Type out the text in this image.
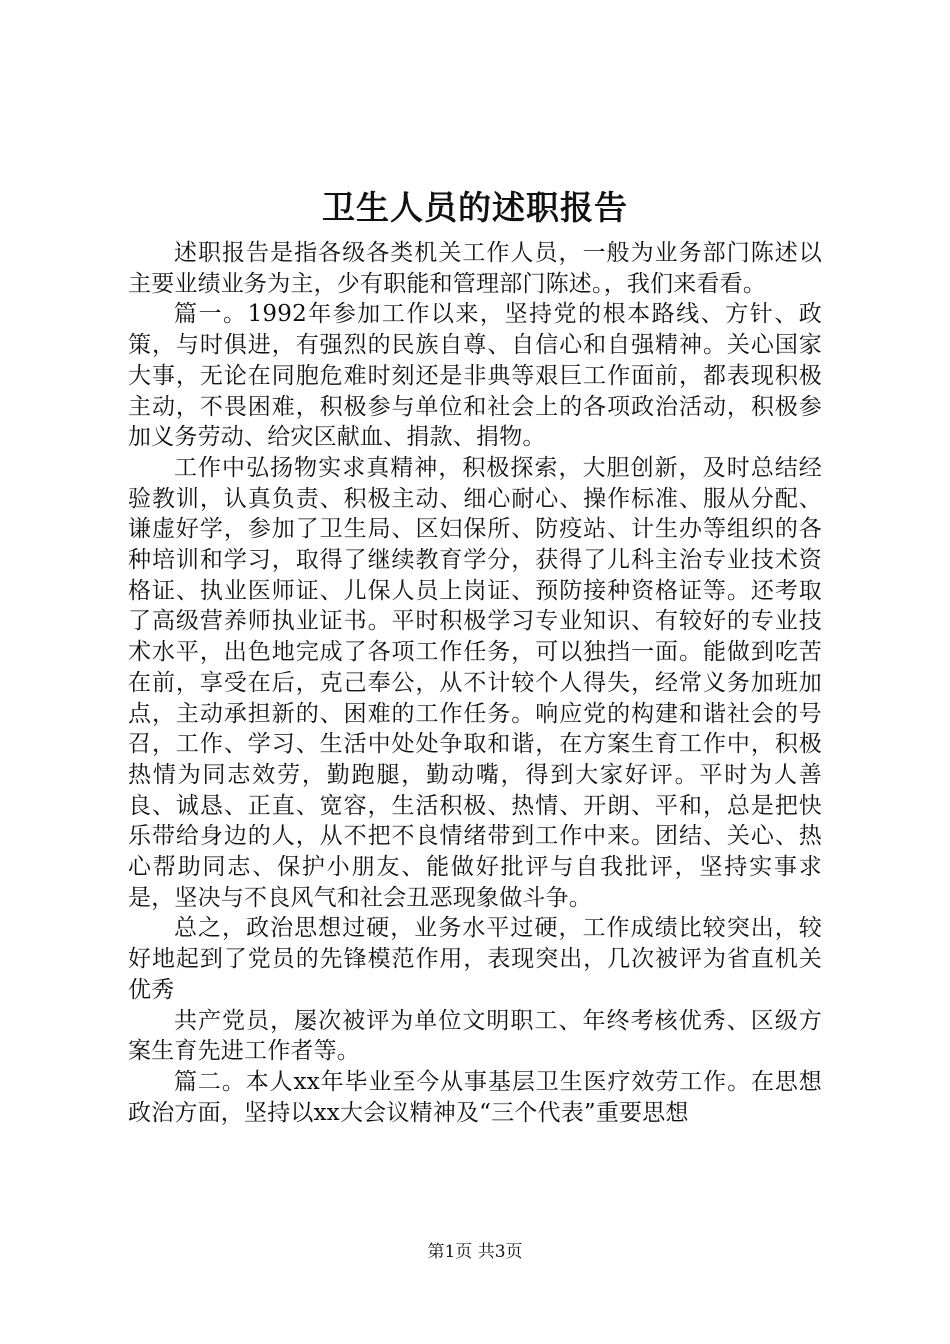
卫生人员的述职报告

述职报告是指各级各类机关工作人员，一般为业务部门陈述以主要业绩业务为主，少有职能和管理部门陈述。，我们来看看。

篇一。1992年参加工作以来，坚持党的根本路线、方针、政策，与时俱进，有强烈的民族自尊、自信心和自强精神。关心国家大事，无论在同胞危难时刻还是非典等艰巨工作面前，都表现积极主动，不畏困难，积极参与单位和社会上的各项政治活动，积极参加义务劳动、给灾区献血、捐款、捐物。

工作中弘扬物实求真精神，积极探索，大胆创新，及时总结经验教训，认真负责、积极主动、细心耐心、操作标准、服从分配、谦虚好学，参加了卫生局、区妇保所、防疫站、计生办等组织的各种培训和学习，取得了继续教育学分，获得了儿科主治专业技术资格证、执业医师证、儿保人员上岗证、预防接种资格证等。还考取了高级营养师执业证书。平时积极学习专业知识、有较好的专业技术水平，出色地完成了各项工作任务，可以独挡一面。能做到吃苦在前，享受在后，克己奉公，从不计较个人得失，经常义务加班加点，主动承担新的、困难的工作任务。响应党的构建和谐社会的号召，工作、学习、生活中处处争取和谐，在方案生育工作中，积极热情为同志效劳，勤跑腿，勤动嘴，得到大家好评。平时为人善良、诚恳、正直、宽容，生活积极、热情、开朗、平和，总是把快乐带给身边的人，从不把不良情绪带到工作中来。团结、关心、热心帮助同志、保护小朋友、能做好批评与自我批评，坚持实事求是，坚决与不良风气和社会丑恶现象做斗争。

总之，政治思想过硬，业务水平过硬，工作成绩比较突出，较好地起到了党员的先锋模范作用，表现突出，几次被评为省直机关优秀

共产党员，屡次被评为单位文明职工、年终考核优秀、区级方案生育先进工作者等。

篇二。本人xx年毕业至今从事基层卫生医疗效劳工作。在思想政治方面，坚持以xx大会议精神及“三个代表”重要思想

第1页 共3页
